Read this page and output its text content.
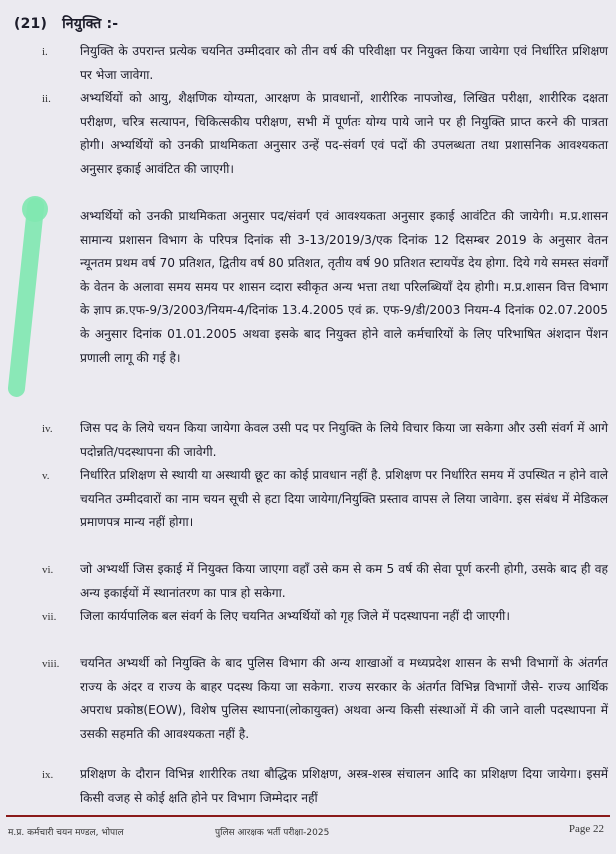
(21) नियुक्ति :-
i.	नियुक्ति के उपरान्त प्रत्येक चयनित उम्मीदवार को तीन वर्ष की परिवीक्षा पर नियुक्त किया जायेगा एवं निर्धारित प्रशिक्षण पर भेजा जावेगा.
ii.	अभ्यर्थियों को आयु, शैक्षणिक योग्यता, आरक्षण के प्रावधानों, शारीरिक नापजोख, लिखित परीक्षा, शारीरिक दक्षता परीक्षण, चरित्र सत्यापन, चिकित्सकीय परीक्षण, सभी में पूर्णतः योग्य पाये जाने पर ही नियुक्ति प्राप्त करने की पात्रता होगी। अभ्यर्थियों को उनकी प्राथमिकता अनुसार उन्हें पद-संवर्ग एवं पदों की उपलब्धता तथा प्रशासनिक आवश्यकता अनुसार इकाई आवंटित की जाएगी।
अभ्यर्थियों को उनकी प्राथमिकता अनुसार पद/संवर्ग एवं आवश्यकता अनुसार इकाई आवंटित की जायेगी। म.प्र.शासन सामान्य प्रशासन विभाग के परिपत्र दिनांक सी 3-13/2019/3/एक दिनांक 12 दिसम्बर 2019 के अनुसार वेतन न्यूनतम प्रथम वर्ष 70 प्रतिशत, द्वितीय वर्ष 80 प्रतिशत, तृतीय वर्ष 90 प्रतिशत स्टायपेंड देय होगा. दिये गये समस्त संवर्गों के वेतन के अलावा समय समय पर शासन व्दारा स्वीकृत अन्य भत्ता तथा परिलब्धियाँ देय होगी। म.प्र.शासन वित्त विभाग के ज्ञाप क्र.एफ-9/3/2003/नियम-4/दिनांक 13.4.2005 एवं क्र. एफ-9/डी/2003 नियम-4 दिनांक 02.07.2005 के अनुसार दिनांक 01.01.2005 अथवा इसके बाद नियुक्त होने वाले कर्मचारियों के लिए परिभाषित अंशदान पेंशन प्रणाली लागू की गई है।
iv.	जिस पद के लिये चयन किया जायेगा केवल उसी पद पर नियुक्ति के लिये विचार किया जा सकेगा और उसी संवर्ग में आगे पदोन्नति/पदस्थापना की जावेगी.
v.	निर्धारित प्रशिक्षण से स्थायी या अस्थायी छूट का कोई प्रावधान नहीं है. प्रशिक्षण पर निर्धारित समय में उपस्थित न होने वाले चयनित उम्मीदवारों का नाम चयन सूची से हटा दिया जायेगा/नियुक्ति प्रस्ताव वापस ले लिया जावेगा. इस संबंध में मेडिकल प्रमाणपत्र मान्य नहीं होगा।
vi.	जो अभ्यर्थी जिस इकाई में नियुक्त किया जाएगा वहाँ उसे कम से कम 5 वर्ष की सेवा पूर्ण करनी होगी, उसके बाद ही वह अन्य इकाईयों में स्थानांतरण का पात्र हो सकेगा.
vii.	जिला कार्यपालिक बल संवर्ग के लिए चयनित अभ्यर्थियों को गृह जिले में पदस्थापना नहीं दी जाएगी।
viii.	चयनित अभ्यर्थी को नियुक्ति के बाद पुलिस विभाग की अन्य शाखाओं व मध्यप्रदेश शासन के सभी विभागों के अंतर्गत राज्य के अंदर व राज्य के बाहर पदस्थ किया जा सकेगा. राज्य सरकार के अंतर्गत विभिन्न विभागों जैसे- राज्य आर्थिक अपराध प्रकोष्ठ(EOW), विशेष पुलिस स्थापना(लोकायुक्त) अथवा अन्य किसी संस्थाओं में की जाने वाली पदस्थापना में उसकी सहमति की आवश्यकता नहीं है.
ix.	प्रशिक्षण के दौरान विभिन्न शारीरिक तथा बौद्धिक प्रशिक्षण, अस्त्र-शस्त्र संचालन आदि का प्रशिक्षण दिया जायेगा। इसमें किसी वजह से कोई क्षति होने पर विभाग जिम्मेदार नहीं
म.प्र. कर्मचारी चयन मण्डल, भोपाल	पुलिस आरक्षक भर्ती परीक्षा-2025	Page 22
